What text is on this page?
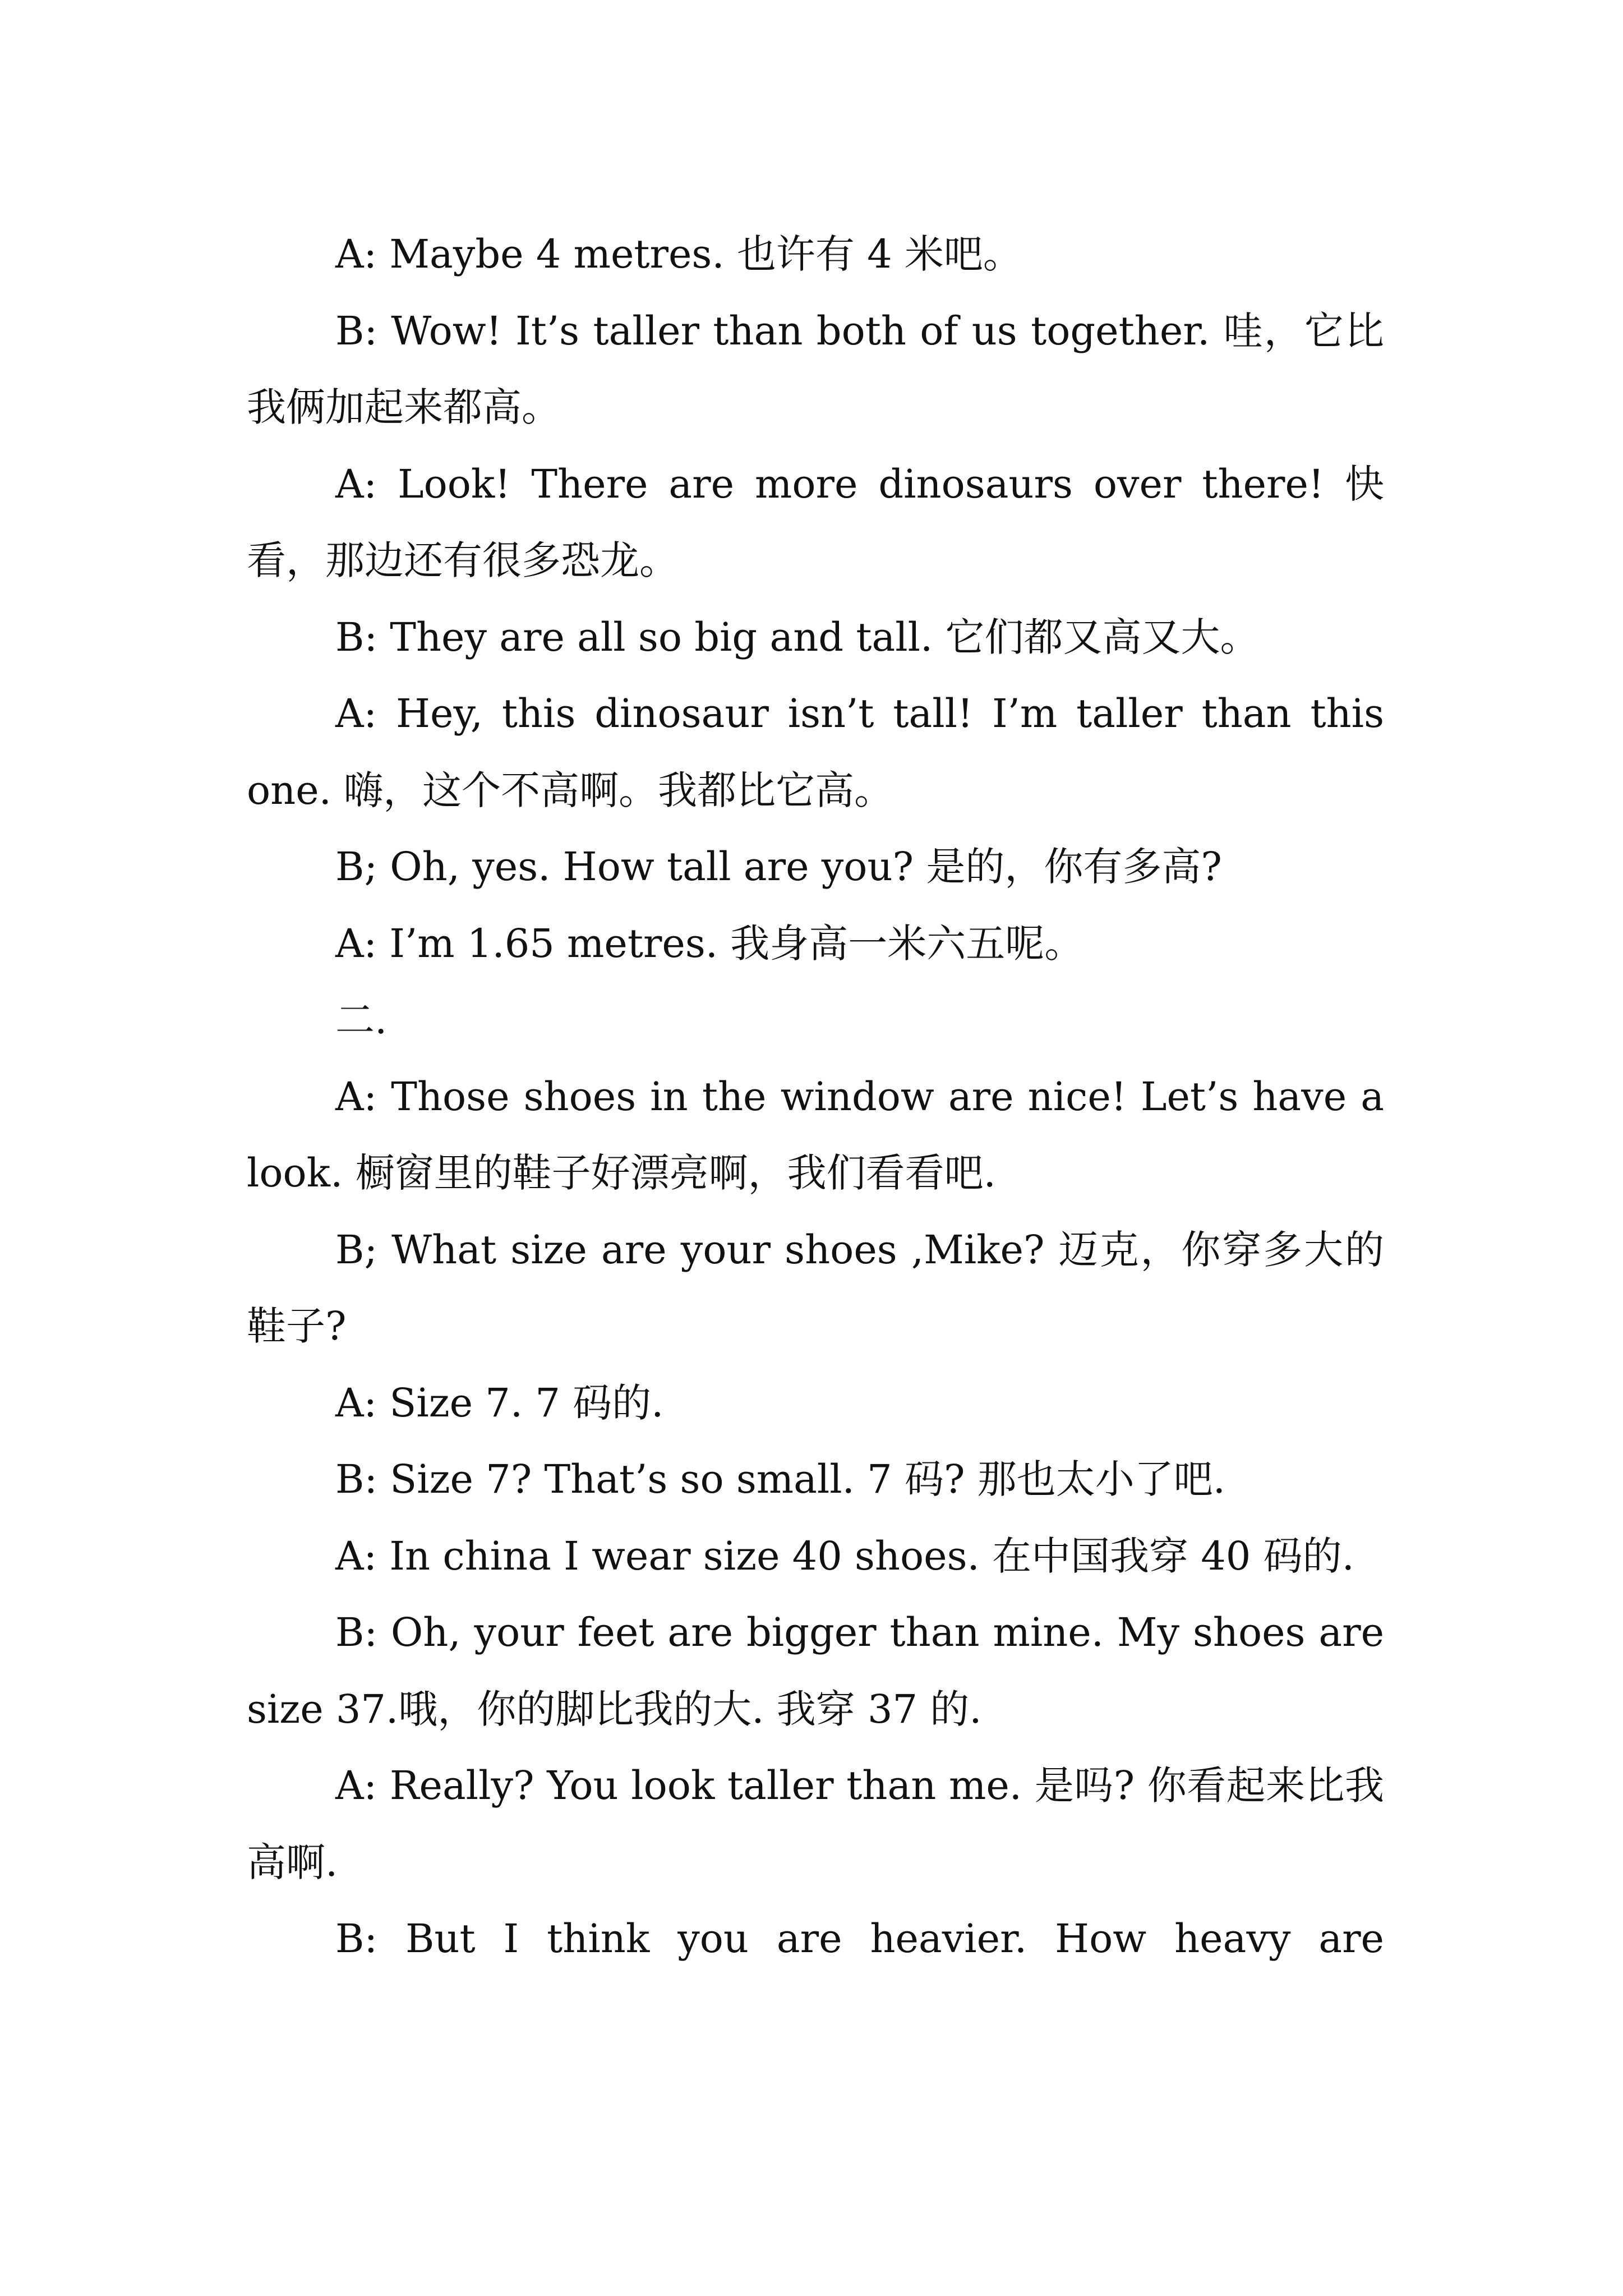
A: Maybe 4 metres. 也许有 4 米吧。

B: Wow! It’s taller than both of us together. 哇，它比我俩加起来都高。

A: Look! There are more dinosaurs over there! 快看，那边还有很多恐龙。

B: They are all so big and tall. 它们都又高又大。

A: Hey, this dinosaur isn’t tall! I’m taller than this one. 嗨，这个不高啊。我都比它高。

B; Oh, yes. How tall are you? 是的，你有多高?

A: I’m 1.65 metres. 我身高一米六五呢。

二.

A: Those shoes in the window are nice! Let’s have a look. 橱窗里的鞋子好漂亮啊，我们看看吧.

B; What size are your shoes ,Mike? 迈克，你穿多大的鞋子?

A: Size 7. 7 码的.

B: Size 7? That’s so small. 7 码? 那也太小了吧.

A: In china I wear size 40 shoes. 在中国我穿 40 码的.

B: Oh, your feet are bigger than mine. My shoes are size 37.哦，你的脚比我的大. 我穿 37 的.

A: Really? You look taller than me. 是吗? 你看起来比我高啊.

B: But I think you are heavier. How heavy are
